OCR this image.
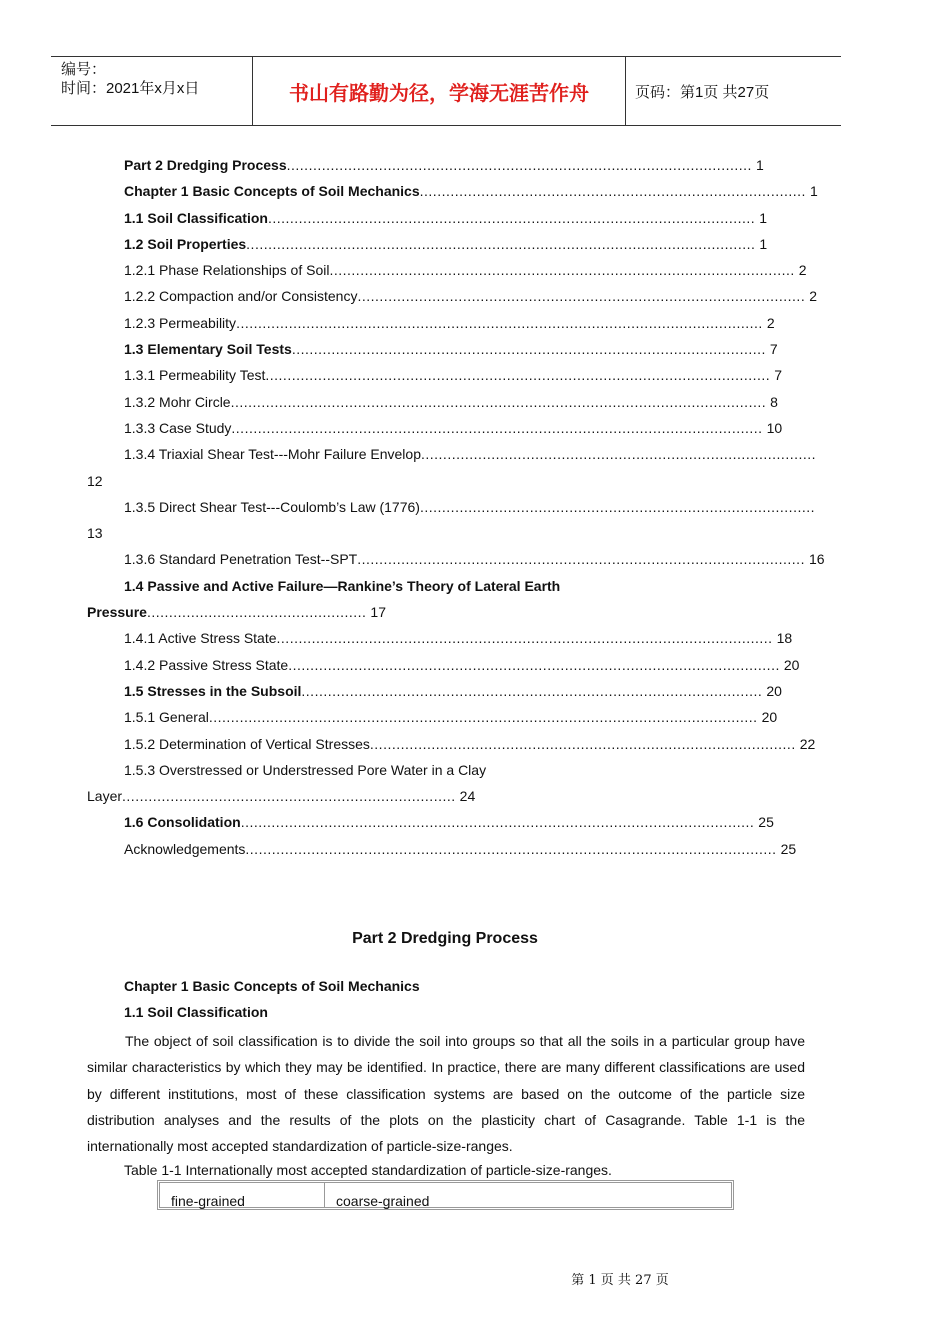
编号：
时间：2021年x月x日	书山有路勤为径，学海无涯苦作舟	页码：第1页 共27页
Part 2 Dredging Process.......................................................................................................... 1
Chapter 1 Basic Concepts of Soil Mechanics........................................................................................ 1
1.1 Soil Classification............................................................................................................... 1
1.2 Soil Properties.................................................................................................................... 1
1.2.1 Phase Relationships of Soil.......................................................................................................... 2
1.2.2 Compaction and/or Consistency...................................................................................................... 2
1.2.3 Permeability........................................................................................................................ 2
1.3 Elementary Soil Tests............................................................................................................ 7
1.3.1 Permeability Test................................................................................................................... 7
1.3.2 Mohr Circle.......................................................................................................................... 8
1.3.3 Case Study......................................................................................................................... 10
1.3.4 Triaxial Shear Test---Mohr Failure Envelop..........................................................................................
12
1.3.5 Direct Shear Test---Coulomb’s Law (1776)..........................................................................................
13
1.3.6 Standard Penetration Test--SPT...................................................................................................... 16
1.4 Passive and Active Failure—Rankine’s Theory of Lateral Earth
Pressure.................................................. 17
1.4.1 Active Stress State................................................................................................................. 18
1.4.2 Passive Stress State................................................................................................................ 20
1.5 Stresses in the Subsoil......................................................................................................... 20
1.5.1 General............................................................................................................................. 20
1.5.2 Determination of Vertical Stresses................................................................................................. 22
1.5.3 Overstressed or Understressed Pore Water in a Clay
Layer............................................................................ 24
1.6 Consolidation..................................................................................................................... 25
Acknowledgements......................................................................................................................... 25
Part 2 Dredging Process
Chapter 1 Basic Concepts of Soil Mechanics
1.1 Soil Classification
The object of soil classification is to divide the soil into groups so that all the soils in a particular group have similar characteristics by which they may be identified. In practice, there are many different classifications are used by different institutions, most of these classification systems are based on the outcome of the particle size distribution analyses and the results of the plots on the plasticity chart of Casagrande. Table 1-1 is the internationally most accepted standardization of particle-size-ranges.
Table 1-1 Internationally most accepted standardization of particle-size-ranges.
fine-grained	coarse-grained
第 1 页 共 27 页
